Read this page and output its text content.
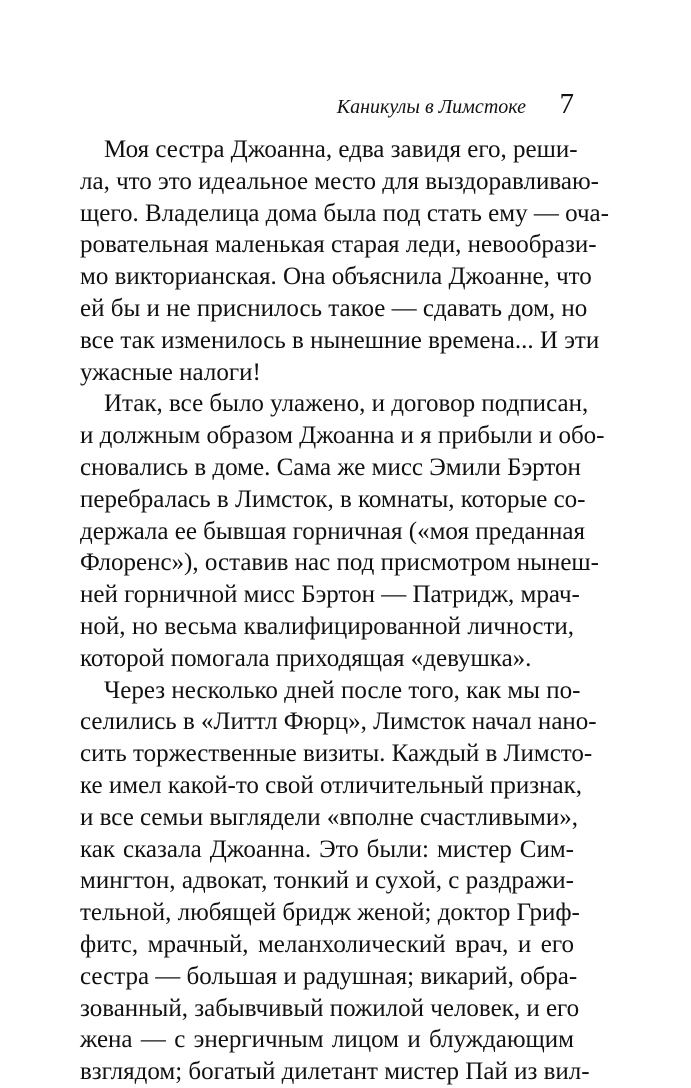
Каникулы в Лимстоке 7

Моя сестра Джоанна, едва завидя его, реши-
ла, что это идеальное место для выздоравливаю-
щего. Владелица дома была под стать ему — оча-
ровательная маленькая старая леди, невообрази-
мо викторианская. Она объяснила Джоанне, что
ей бы и не приснилось такое — сдавать дом, но
все так изменилось в нынешние времена... И эти
ужасные налоги!

Итак, все было улажено, и договор подписан,
и должным образом Джоанна и я прибыли и обо-
сновались в доме. Сама же мисс Эмили Бэртон
перебралась в Лимсток, в комнаты, которые со-
держала ее бывшая горничная («моя преданная
Флоренс»), оставив нас под присмотром нынеш-
ней горничной мисс Бэртон — Патридж, мрач-
ной, но весьма квалифицированной личности,
которой помогала приходящая «девушка».

Через несколько дней после того, как мы по-
селились в «Литтл Фюрц», Лимсток начал нано-
сить торжественные визиты. Каждый в Лимсто-
ке имел какой-то свой отличительный признак,
и все семьи выглядели «вполне счастливыми»,
как сказала Джоанна. Это были: мистер Сим-
мингтон, адвокат, тонкий и сухой, с раздражи-
тельной, любящей бридж женой; доктор Гриф-
фитс, мрачный, меланхолический врач, и его
сестра — большая и радушная; викарий, обра-
зованный, забывчивый пожилой человек, и его
жена — с энергичным лицом и блуждающим
взглядом; богатый дилетант мистер Пай из вил-
